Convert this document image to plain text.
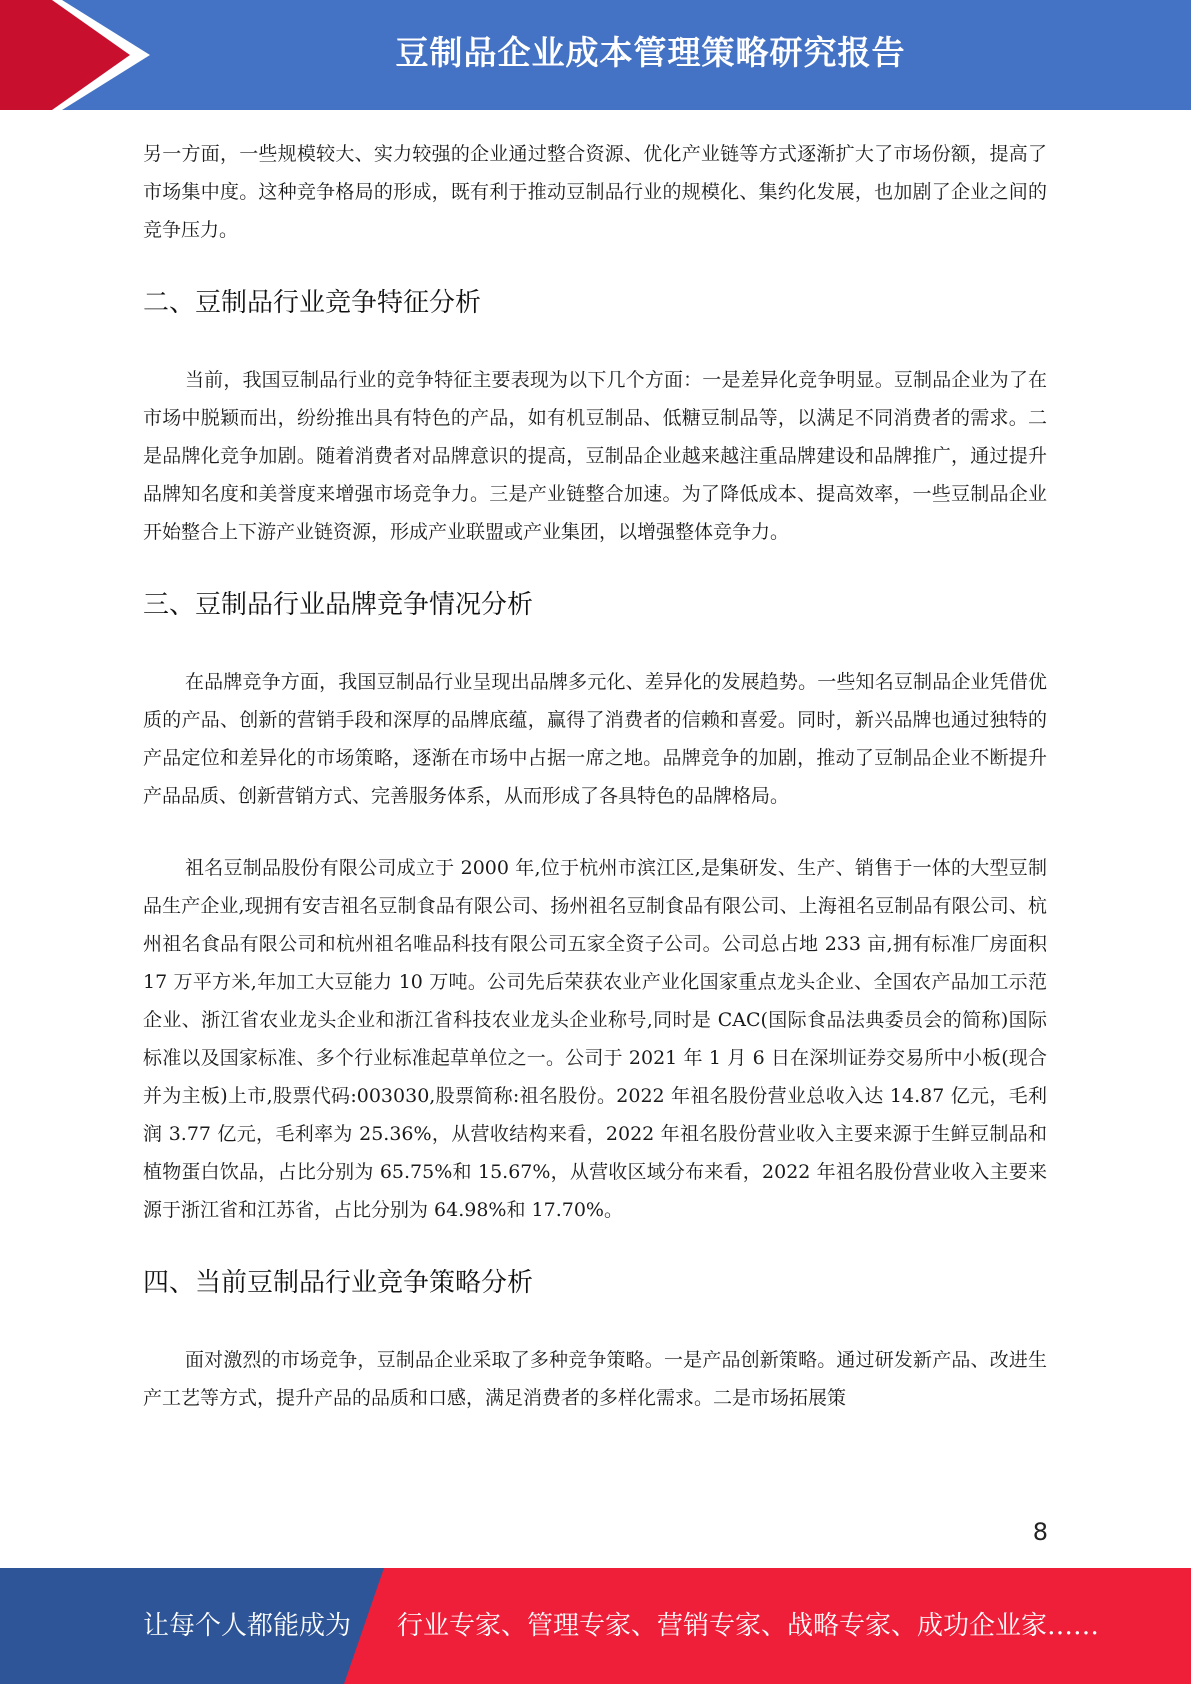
豆制品企业成本管理策略研究报告

另一方面，一些规模较大、实力较强的企业通过整合资源、优化产业链等方式逐渐扩大了市场份额，提高了市场集中度。这种竞争格局的形成，既有利于推动豆制品行业的规模化、集约化发展，也加剧了企业之间的竞争压力。

二、豆制品行业竞争特征分析

当前，我国豆制品行业的竞争特征主要表现为以下几个方面：一是差异化竞争明显。豆制品企业为了在市场中脱颖而出，纷纷推出具有特色的产品，如有机豆制品、低糖豆制品等，以满足不同消费者的需求。二是品牌化竞争加剧。随着消费者对品牌意识的提高，豆制品企业越来越注重品牌建设和品牌推广，通过提升品牌知名度和美誉度来增强市场竞争力。三是产业链整合加速。为了降低成本、提高效率，一些豆制品企业开始整合上下游产业链资源，形成产业联盟或产业集团，以增强整体竞争力。

三、豆制品行业品牌竞争情况分析

在品牌竞争方面，我国豆制品行业呈现出品牌多元化、差异化的发展趋势。一些知名豆制品企业凭借优质的产品、创新的营销手段和深厚的品牌底蕴，赢得了消费者的信赖和喜爱。同时，新兴品牌也通过独特的产品定位和差异化的市场策略，逐渐在市场中占据一席之地。品牌竞争的加剧，推动了豆制品企业不断提升产品品质、创新营销方式、完善服务体系，从而形成了各具特色的品牌格局。

祖名豆制品股份有限公司成立于 2000 年,位于杭州市滨江区,是集研发、生产、销售于一体的大型豆制品生产企业,现拥有安吉祖名豆制食品有限公司、扬州祖名豆制食品有限公司、上海祖名豆制品有限公司、杭州祖名食品有限公司和杭州祖名唯品科技有限公司五家全资子公司。公司总占地 233 亩,拥有标准厂房面积 17 万平方米,年加工大豆能力 10 万吨。公司先后荣获农业产业化国家重点龙头企业、全国农产品加工示范企业、浙江省农业龙头企业和浙江省科技农业龙头企业称号,同时是 CAC(国际食品法典委员会的简称)国际标准以及国家标准、多个行业标准起草单位之一。公司于 2021 年 1 月 6 日在深圳证券交易所中小板(现合并为主板)上市,股票代码:003030,股票简称:祖名股份。2022 年祖名股份营业总收入达 14.87 亿元，毛利润 3.77 亿元，毛利率为 25.36%，从营收结构来看，2022 年祖名股份营业收入主要来源于生鲜豆制品和植物蛋白饮品，占比分别为 65.75%和 15.67%，从营收区域分布来看，2022 年祖名股份营业收入主要来源于浙江省和江苏省，占比分别为 64.98%和 17.70%。

四、当前豆制品行业竞争策略分析

面对激烈的市场竞争，豆制品企业采取了多种竞争策略。一是产品创新策略。通过研发新产品、改进生产工艺等方式，提升产品的品质和口感，满足消费者的多样化需求。二是市场拓展策

8
让每个人都能成为 行业专家、管理专家、营销专家、战略专家、成功企业家……
